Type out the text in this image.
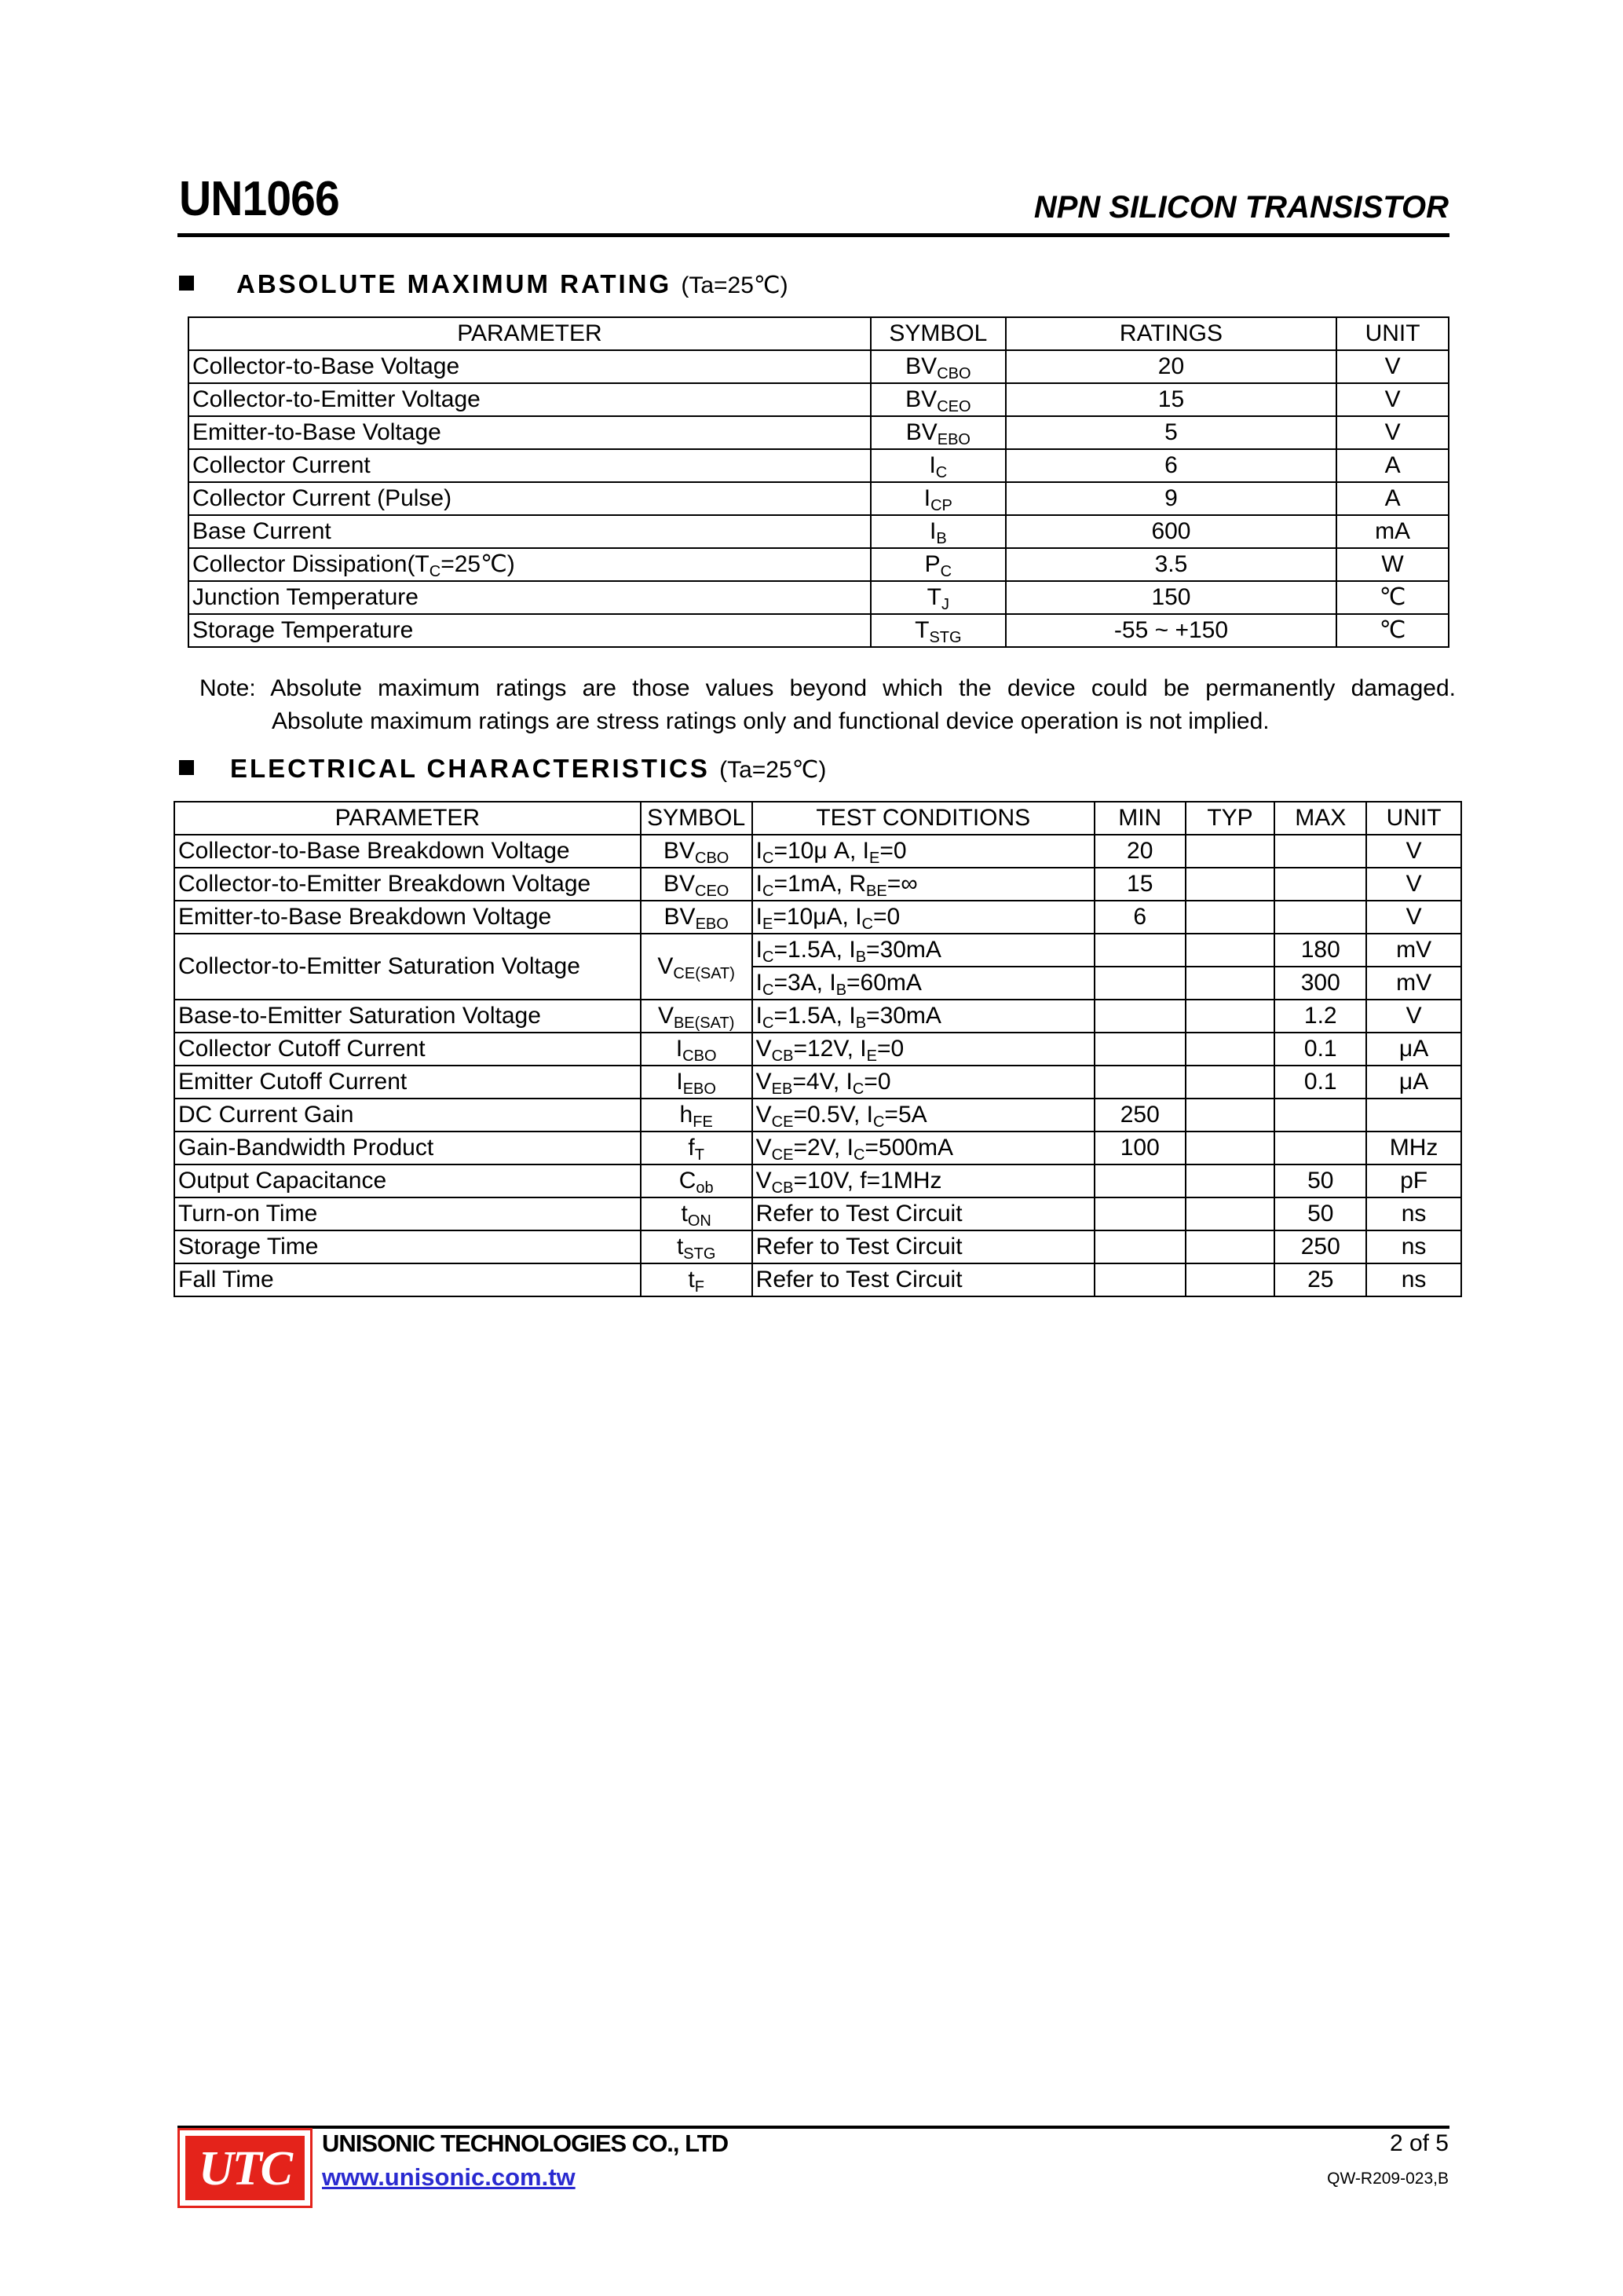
UN1066	NPN SILICON TRANSISTOR
ABSOLUTE MAXIMUM RATING (Ta=25℃)
PARAMETER	SYMBOL	RATINGS	UNIT
Collector-to-Base Voltage	$BV_{CBO}$	20	V
Collector-to-Emitter Voltage	$BV_{CEO}$	15	V
Emitter-to-Base Voltage	$BV_{EBO}$	5	V
Collector Current	$I_C$	6	A
Collector Current (Pulse)	$I_{CP}$	9	A
Base Current	$I_B$	600	mA
Collector $Dissipation(T_C=25℃)$	$P_C$	3.5	W
Junction Temperature	$T_J$	150	℃
Storage Temperature	$T_{STG}$	-55 ~ +150	℃
Note: Absolute maximum ratings are those values beyond which the device could be permanently damaged.
Absolute maximum ratings are stress ratings only and functional device operation is not implied.
ELECTRICAL CHARACTERISTICS (Ta=25℃)
PARAMETER	SYMBOL	TEST CONDITIONS	MIN	TYP	MAX	UNIT
Collector-to-Base Breakdown Voltage	$BV_{CBO}$	$I_C=10\mu$ A, $I_E=0$	20			V
Collector-to-Emitter Breakdown Voltage	$BV_{CEO}$	$I_C=1mA$, $R_{BE}=\infty$	15			V
Emitter-to-Base Breakdown Voltage	$BV_{EBO}$	$I_E=10\mu A$, $I_C=0$	6			V
Collector-to-Emitter Saturation Voltage	$V_{CE(SAT)}$	$I_C=1.5A$, $I_B=30mA$			180	mV
		$I_C=3A$, $I_B=60mA$			300	mV
Base-to-Emitter Saturation Voltage	$V_{BE(SAT)}$	$I_C=1.5A$, $I_B=30mA$			1.2	V
Collector Cutoff Current	$I_{CBO}$	$V_{CB}=12V$, $I_E=0$			0.1	μA
Emitter Cutoff Current	$I_{EBO}$	$V_{EB}=4V$, $I_C=0$			0.1	μA
DC Current Gain	$h_{FE}$	$V_{CE}=0.5V$, $I_C=5A$	250			
Gain-Bandwidth Product	$f_T$	$V_{CE}=2V$, $I_C=500mA$	100			MHz
Output Capacitance	$C_{ob}$	$V_{CB}=10V$, f=1MHz			50	pF
Turn-on Time	$t_{ON}$	Refer to Test Circuit			50	ns
Storage Time	$t_{STG}$	Refer to Test Circuit			250	ns
Fall Time	$t_F$	Refer to Test Circuit			25	ns
UTC	UNISONIC TECHNOLOGIES CO., LTD
www.unisonic.com.tw
2 of 5
QW-R209-023,B
